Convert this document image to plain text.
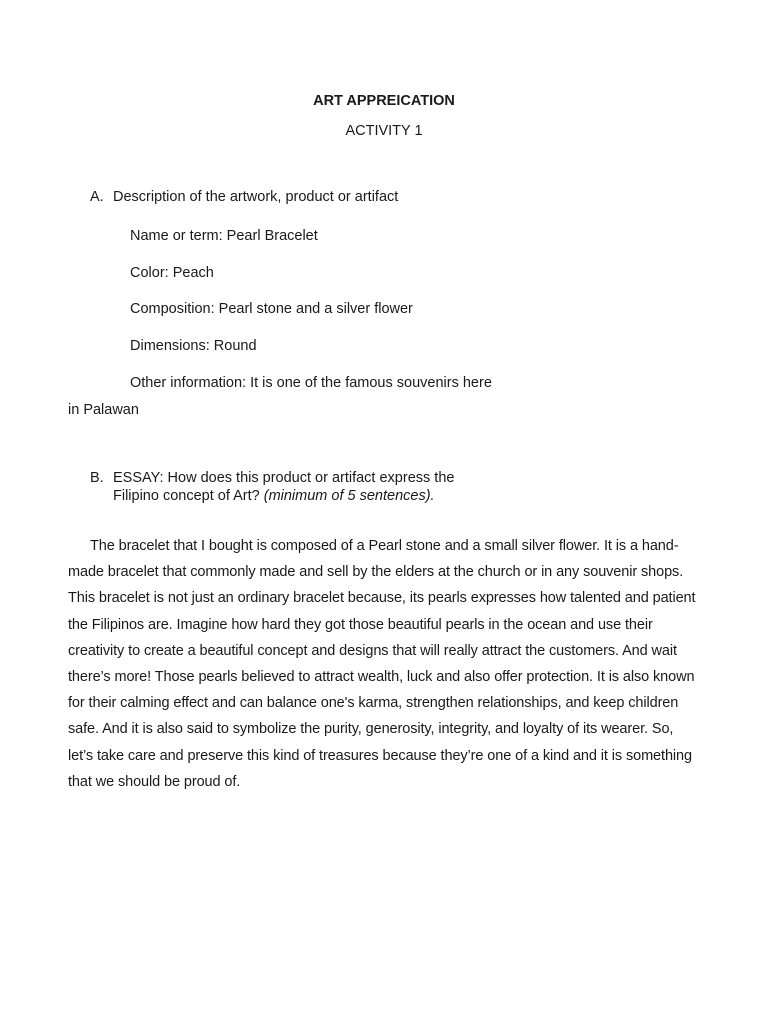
ART APPREICATION
ACTIVITY 1
A. Description of the artwork, product or artifact
Name or term: Pearl Bracelet
Color: Peach
Composition: Pearl stone and a silver flower
Dimensions: Round
Other information: It is one of the famous souvenirs here
in Palawan
B. ESSAY: How does this product or artifact express the
Filipino concept of Art? (minimum of 5 sentences).

The bracelet that I bought is composed of a Pearl stone and a small silver flower. It is a hand-made bracelet that commonly made and sell by the elders at the church or in any souvenir shops. This bracelet is not just an ordinary bracelet because, its pearls expresses how talented and patient the Filipinos are. Imagine how hard they got those beautiful pearls in the ocean and use their creativity to create a beautiful concept and designs that will really attract the customers. And wait there’s more! Those pearls believed to attract wealth, luck and also offer protection. It is also known for their calming effect and can balance one's karma, strengthen relationships, and keep children safe. And it is also said to symbolize the purity, generosity, integrity, and loyalty of its wearer. So, let’s take care and preserve this kind of treasures because they’re one of a kind and it is something that we should be proud of.
